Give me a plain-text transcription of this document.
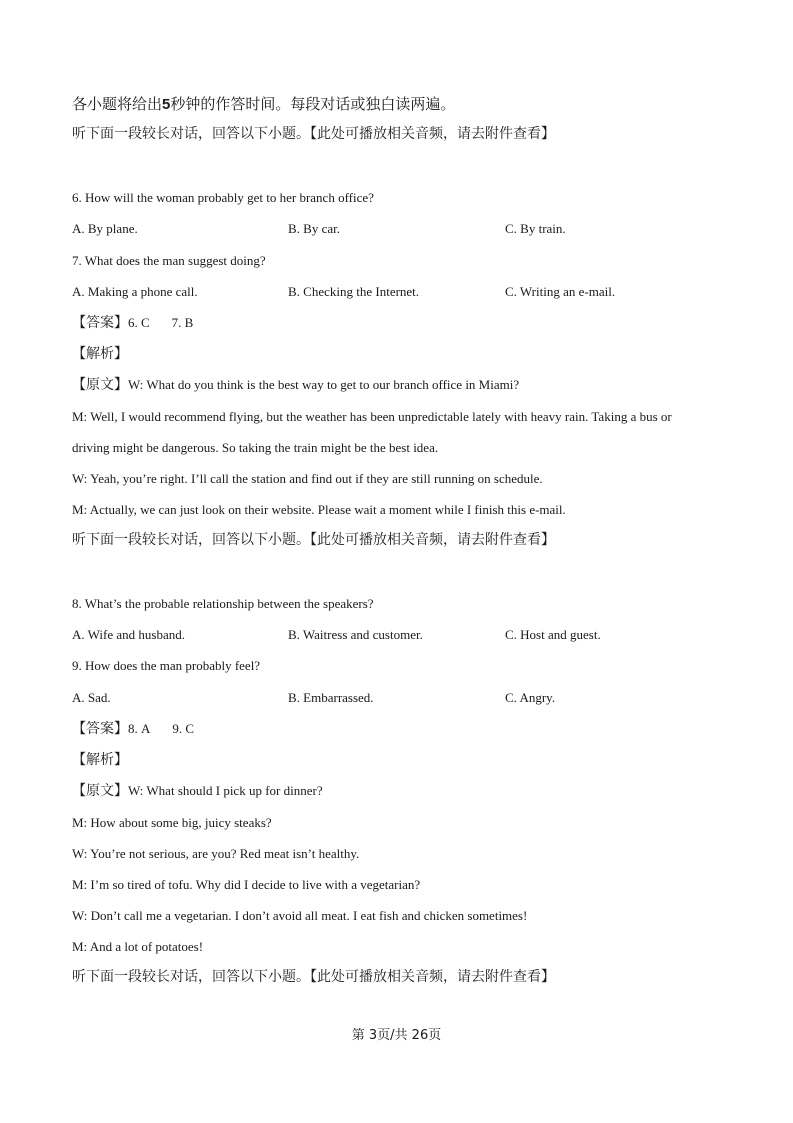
各小题将给出5秒钟的作答时间。每段对话或独白读两遍。
听下面一段较长对话，回答以下小题。【此处可播放相关音频，请去附件查看】
6. How will the woman probably get to her branch office?
A. By plane.	B. By car.	C. By train.
7. What does the man suggest doing?
A. Making a phone call.	B. Checking the Internet.	C. Writing an e-mail.
【答案】6. C 7. B
【解析】
【原文】W: What do you think is the best way to get to our branch office in Miami?
M: Well, I would recommend flying, but the weather has been unpredictable lately with heavy rain. Taking a bus or
driving might be dangerous. So taking the train might be the best idea.
W: Yeah, you’re right. I’ll call the station and find out if they are still running on schedule.
M: Actually, we can just look on their website. Please wait a moment while I finish this e-mail.
听下面一段较长对话，回答以下小题。【此处可播放相关音频，请去附件查看】
8. What’s the probable relationship between the speakers?
A. Wife and husband.	B. Waitress and customer.	C. Host and guest.
9. How does the man probably feel?
A. Sad.	B. Embarrassed.	C. Angry.
【答案】8. A 9. C
【解析】
【原文】W: What should I pick up for dinner?
M: How about some big, juicy steaks?
W: You’re not serious, are you? Red meat isn’t healthy.
M: I’m so tired of tofu. Why did I decide to live with a vegetarian?
W: Don’t call me a vegetarian. I don’t avoid all meat. I eat fish and chicken sometimes!
M: And a lot of potatoes!
听下面一段较长对话，回答以下小题。【此处可播放相关音频，请去附件查看】
第 3页/共 26页
